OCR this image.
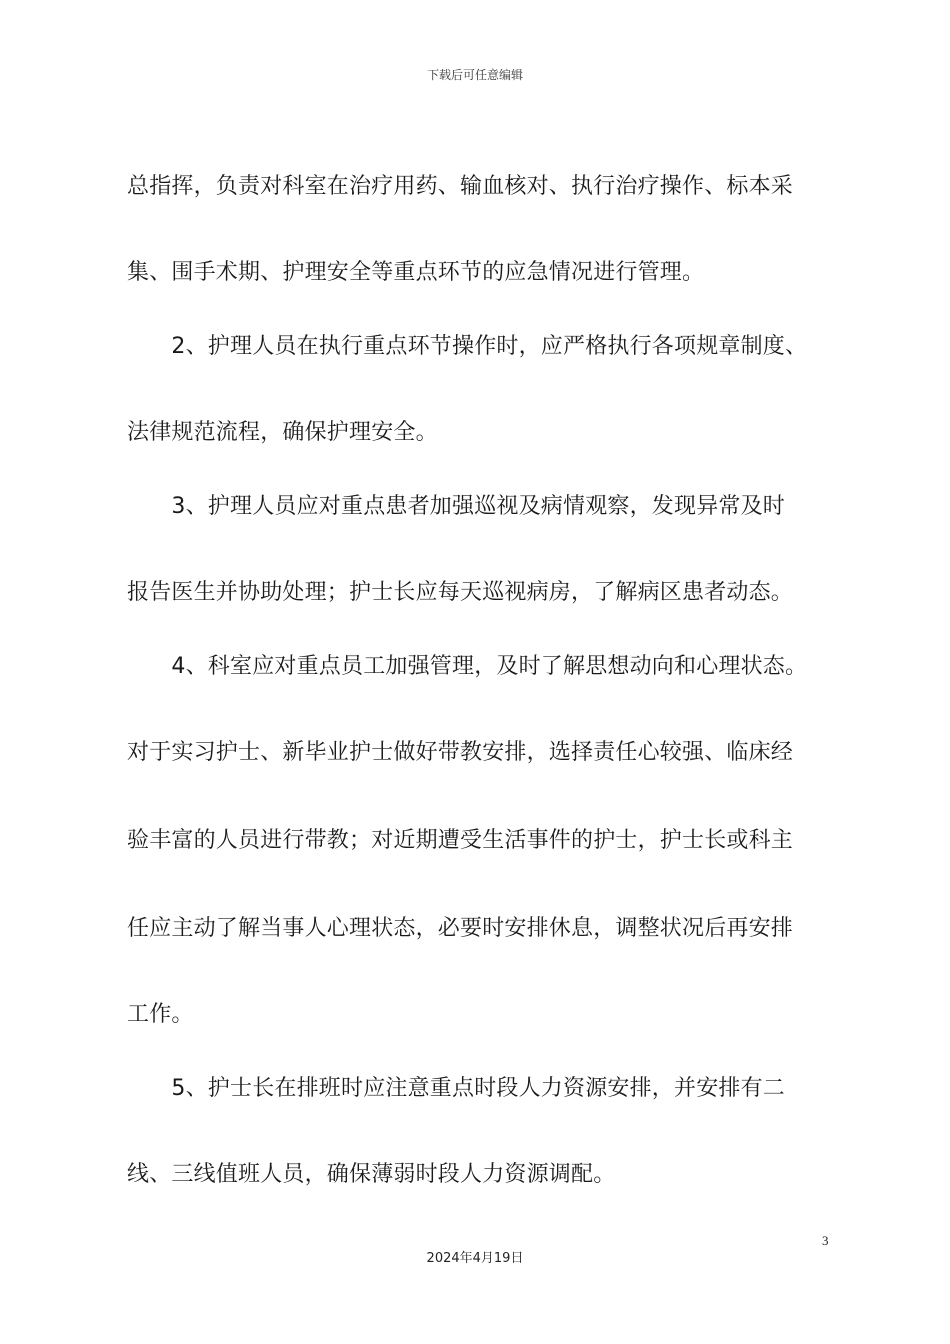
下载后可任意编辑
总指挥，负责对科室在治疗用药、输血核对、执行治疗操作、标本采
集、围手术期、护理安全等重点环节的应急情况进行管理。
　　2、护理人员在执行重点环节操作时，应严格执行各项规章制度、
法律规范流程，确保护理安全。
　　3、护理人员应对重点患者加强巡视及病情观察，发现异常及时
报告医生并协助处理；护士长应每天巡视病房，了解病区患者动态。
　　4、科室应对重点员工加强管理，及时了解思想动向和心理状态。
对于实习护士、新毕业护士做好带教安排，选择责任心较强、临床经
验丰富的人员进行带教；对近期遭受生活事件的护士，护士长或科主
任应主动了解当事人心理状态，必要时安排休息，调整状况后再安排
工作。
　　5、护士长在排班时应注意重点时段人力资源安排，并安排有二
线、三线值班人员，确保薄弱时段人力资源调配。
3
2024年4月19日
